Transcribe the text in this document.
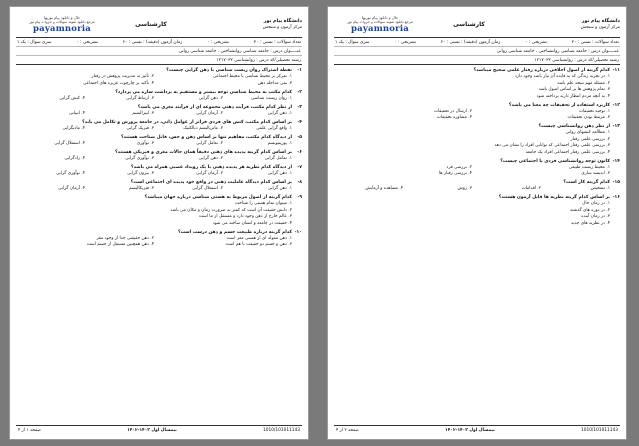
دانشگاه پیام نور
مرکز آزمون و سنجش
کارشناسی
حال و دانلود پیام نوریها
مرجع دانلود نمونه سوالات و جزوات پیام نور
payamnoria
تعداد سوالات : تستی : ۳۰
تشریحی : ۰
زمان آزمون (دقیقه) : تستی : ۶۰
تشریحی : ۰
سری سوال : یک ۱
عنـــــوان درس : جامعه شناسی روانشناختی ، جامعه شناسی روانی
رشته تحصیلی/کد درس : روانشناسی ۱۲۱۷۰۳۲
۱-
نقطه اشتراک روان زیست شناسی با ذهن گرایی چیست؟
۱. تمرکز بر محیط شناسی یا محیط اجتماعی
۲. تأثیر به مدیریت پژوهش در رفتار
۳. نفی مداخله ذهن
۴. تأکید بر چارچوب غریزه های اجتماعی
۲-
کدام مکتب به محیط شناسی توجه بیشتر و مستقیم به برداشت سازه می پردازد؟
۱. روان زیست شناسی
۲. ذهن گرایی
۳. ارتباط گرایی
۴. کنش گرایی
۳-
از نظر کدام مکتب، فرآیند ذهنی مجموعه ای از فرآیند مغزی می باشد؟
۱. ذهن گرایی
۲. آرمان گرایی
۳. لیبرالیسم
۴. انبیاتی
۴-
بر اساس کدام مکتب، کنش های فردی فراتر از عوامل ذاتی، در جامعه پرورش و تکامل می یابد؟
۱. واقع گرایی علمی
۲. ماتریالیسم دیالکتیک
۳. فیزیک گرایی
۴. مادیگرایی
۵-
از دیدگاه کدام مکتب، مفاهیم تنها بر اساس ذهن و حس، قابل شناخت هستند؟
۱. پوزیتیویسم
۲. تعامل گرایی
۳. نوآوری
۴. استقلال گرایی
۶-
بر اساس کدام گزینه پدیده های ذهنی دقیقاً همان حالات مغزی و فیزیکی هستند؟
۱. تمامل گرایی
۲. ذهن گرایی
۳. نوآوری گرایی
۴. زادگرایی
۷-
از دیدگاه کدام نظریه هر پدیده ذهنی با یک رویداد عصبی همراه می باشد؟
۱. ذهن گرایی
۲. آرمان گرایی
۳. بیرون گرایی
۴. نوآوری گرایی
۸-
بر اساس کدام دیدگاه عاملیت ذهنی در واقع خود پدیده ای اجتماعی است؟
۱. ذهن گرایی
۲. استقلال گرایی
۳. فیزیکالیسم
۴. آرمان گرایی
۹-
کدام گزینه از اصول مربوط به هستی شناسی درباره جهان میباشد؟
۱. میتوان تمام هستی را شناخت
۲. دانش حقیقت آن است که کمتر به ضرورت زمان و مکان می باشد
۳. عالم خارج از ذهن وجود دارد و مستقل از ما است
۴. حقیقت در جامعه و انسان ساخته می شود
۱۰-
کدام گزینه درباره طبیعت جسم و ذهن درست است؟
۱. ذهن مقوله ای از هستی مغز است
۲. ذهن حقیقتی جدا از وجود مغز
۳. ذهن و جسم دو حقیقت با هم است
۴. ذهن همچنین مستقل از جسم است
صفحه ۱ از ۴	نیمسال اول ۱۴۰۳-۱۴۰۲	1010/101011143
دانشگاه پیام نور
مرکز آزمون و سنجش
کارشناسی
حال و دانلود پیام نوریها
مرجع دانلود نمونه سوالات و جزوات پیام نور
payamnoria
تعداد سوالات : تستی : ۳۰
تشریحی : ۰
زمان آزمون (دقیقه) : تستی : ۶۰
تشریحی : ۰
سری سوال : یک ۱
عنـــــوان درس : جامعه شناسی روانشناختی ، جامعه شناسی روانی
رشته تحصیلی/کد درس : روانشناسی ۱۲۱۷۰۳۲
۱۱-
کدام گزینه از اصول اخلاقی درباره رفتار علمی صحیح میباشد؟
۱. در تجربه زندگی که به فایده آن نیاز باشد وجود دارد
۲. مسئله مهم نتیجه علم باشد
۳. تمام پژوهش ها بر اساس اصول باشد
۴. به آنچه مردم انتظار دارند پرداخته شود
۱۲-
کاربرد استفاده از تحقیقات چه معنا می باشد؟
۱. توجیه تحقیقات
۲. ارسال در تحقیقات
۳. مرتبط بودن تحقیقات
۴. مشاوره تحقیقات
۱۳-
از نظر ذهن روانشناسی چیست؟
۱. مطالعه کنشهای روانی
۲. بررسی علمی رفتار
۳. بررسی علمی رفتار اجتماعی که توانایی افراد را نشان می دهد
۴. بررسی علمی رفتار اجتماعی افراد یک جامعه
۱۴-
کانون توجه روانشناسی فردی با اجتماعی چیست؟
۱. محیط زیست طبیعی
۲. بررسی فرد
۳. اندیشه سازی
۴. بررسی رفتار ها
۱۵-
کدام گزینه کار است؟
۱. تشخیص
۲. اقدامات
۳. روش
۴. مشاهده و آزمایش
۱۶-
بر اساس کدام گزینه نظریه ها قابل آزمون هستند؟
۱. در زمان حال
۲. در دوره های گذشته
۳. در زمان آینده
۴. در نظریه های جدید
صفحه ۲ از ۴	نیمسال اول ۱۴۰۳-۱۴۰۲	1010/101011143
